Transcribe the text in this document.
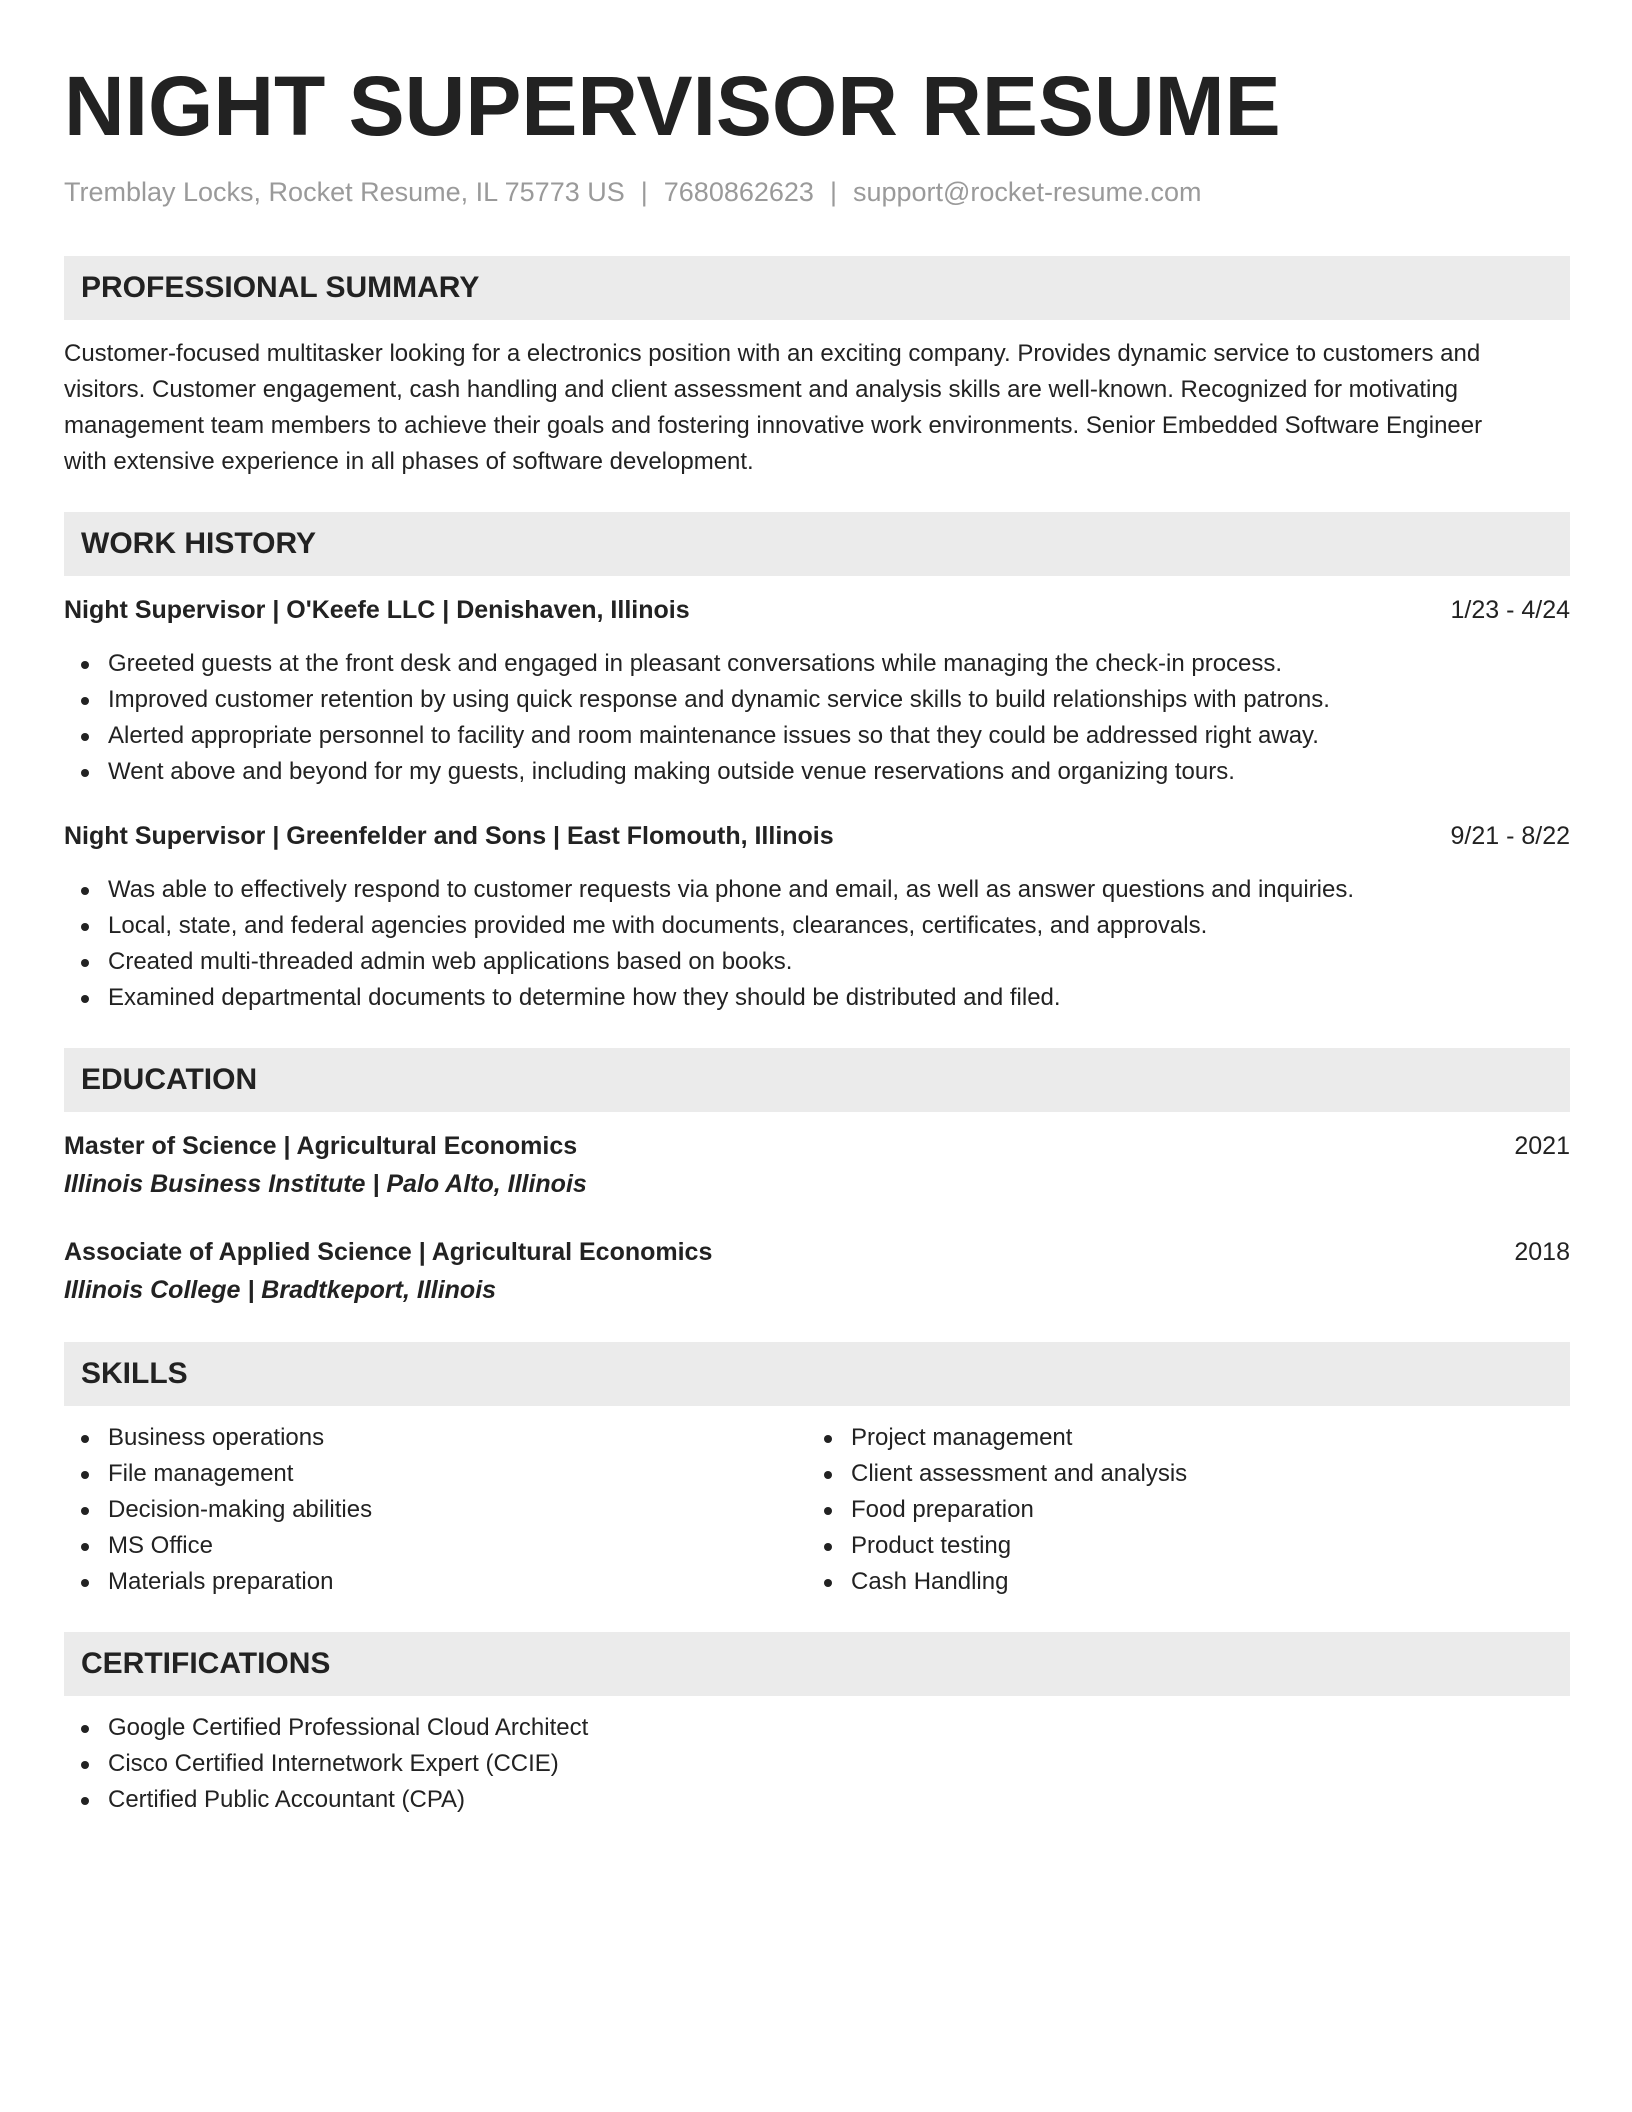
NIGHT SUPERVISOR RESUME
Tremblay Locks, Rocket Resume, IL 75773 US | 7680862623 | support@rocket-resume.com
PROFESSIONAL SUMMARY
Customer-focused multitasker looking for a electronics position with an exciting company. Provides dynamic service to customers and
visitors. Customer engagement, cash handling and client assessment and analysis skills are well-known. Recognized for motivating
management team members to achieve their goals and fostering innovative work environments. Senior Embedded Software Engineer
with extensive experience in all phases of software development.
WORK HISTORY
Night Supervisor | O'Keefe LLC | Denishaven, Illinois	1/23 - 4/24
Greeted guests at the front desk and engaged in pleasant conversations while managing the check-in process.
Improved customer retention by using quick response and dynamic service skills to build relationships with patrons.
Alerted appropriate personnel to facility and room maintenance issues so that they could be addressed right away.
Went above and beyond for my guests, including making outside venue reservations and organizing tours.
Night Supervisor | Greenfelder and Sons | East Flomouth, Illinois	9/21 - 8/22
Was able to effectively respond to customer requests via phone and email, as well as answer questions and inquiries.
Local, state, and federal agencies provided me with documents, clearances, certificates, and approvals.
Created multi-threaded admin web applications based on books.
Examined departmental documents to determine how they should be distributed and filed.
EDUCATION
Master of Science | Agricultural Economics	2021
Illinois Business Institute | Palo Alto, Illinois
Associate of Applied Science | Agricultural Economics	2018
Illinois College | Bradtkeport, Illinois
SKILLS
Business operations
File management
Decision-making abilities
MS Office
Materials preparation
Project management
Client assessment and analysis
Food preparation
Product testing
Cash Handling
CERTIFICATIONS
Google Certified Professional Cloud Architect
Cisco Certified Internetwork Expert (CCIE)
Certified Public Accountant (CPA)
